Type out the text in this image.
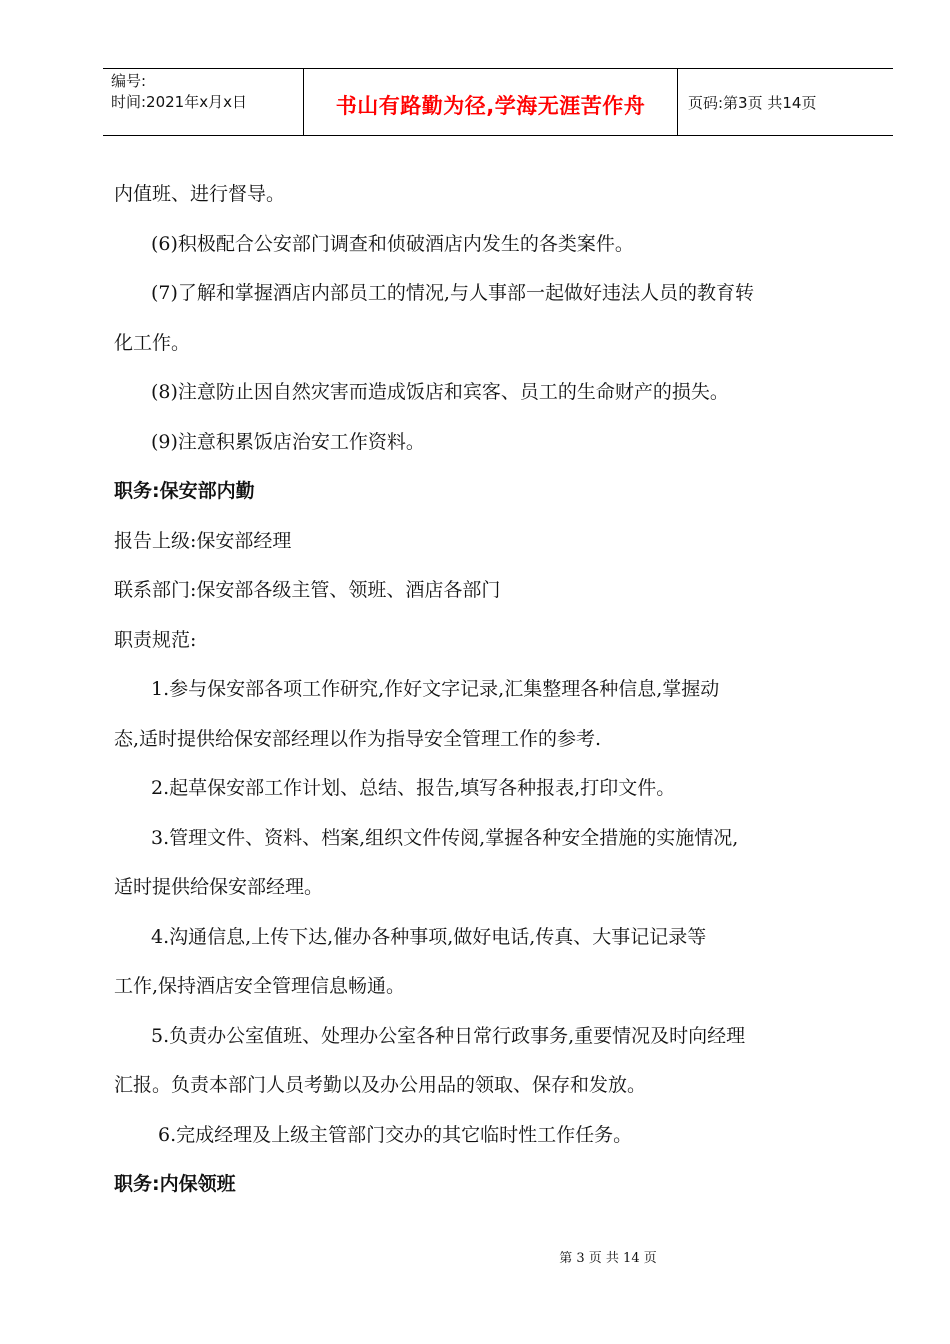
编号:
时间:2021年x月x日	书山有路勤为径,学海无涯苦作舟	页码:第3页 共14页

内值班、进行督导。

(6)积极配合公安部门调查和侦破酒店内发生的各类案件。

(7)了解和掌握酒店内部员工的情况,与人事部一起做好违法人员的教育转

化工作。

(8)注意防止因自然灾害而造成饭店和宾客、员工的生命财产的损失。

(9)注意积累饭店治安工作资料。

职务:保安部内勤

报告上级:保安部经理

联系部门:保安部各级主管、领班、酒店各部门

职责规范:

1.参与保安部各项工作研究,作好文字记录,汇集整理各种信息,掌握动

态,适时提供给保安部经理以作为指导安全管理工作的参考.

2.起草保安部工作计划、总结、报告,填写各种报表,打印文件。

3.管理文件、资料、档案,组织文件传阅,掌握各种安全措施的实施情况,

适时提供给保安部经理。

4.沟通信息,上传下达,催办各种事项,做好电话,传真、大事记记录等

工作,保持酒店安全管理信息畅通。

5.负责办公室值班、处理办公室各种日常行政事务,重要情况及时向经理

汇报。负责本部门人员考勤以及办公用品的领取、保存和发放。

6.完成经理及上级主管部门交办的其它临时性工作任务。

职务:内保领班

第 3 页 共 14 页
